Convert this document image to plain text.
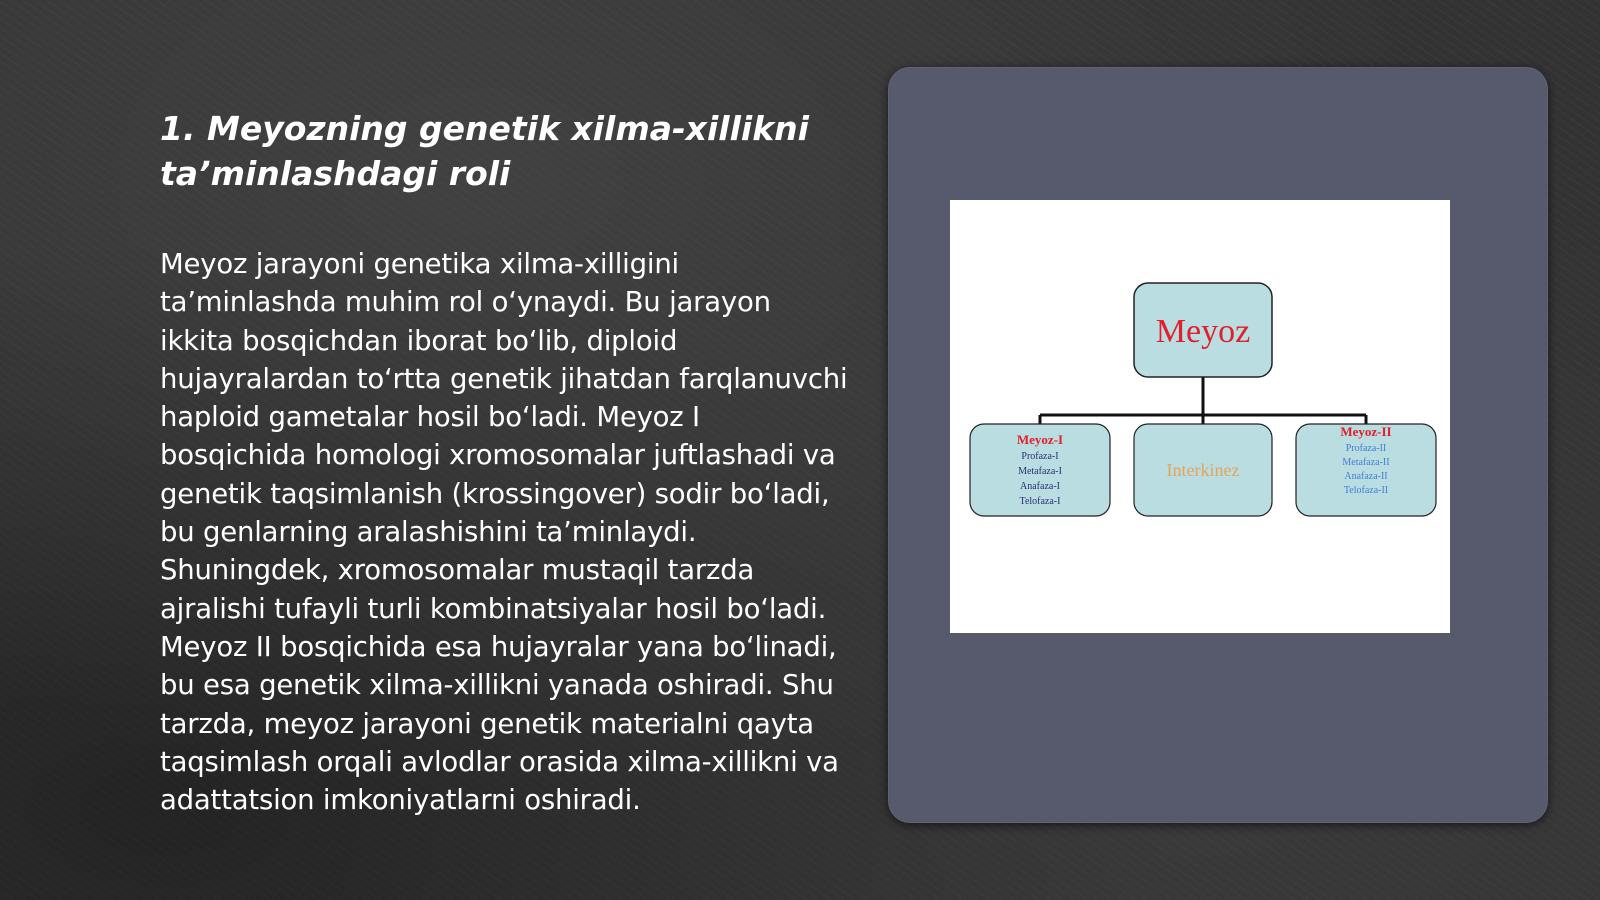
1. Meyozning genetik xilma-xillikni ta’minlashdagi roli

Meyoz jarayoni genetika xilma-xilligini ta’minlashda muhim rol o‘ynaydi. Bu jarayon ikkita bosqichdan iborat bo‘lib, diploid hujayralardan to‘rtta genetik jihatdan farqlanuvchi haploid gametalar hosil bo‘ladi. Meyoz I bosqichida homologi xromosomalar juftlashadi va genetik taqsimlanish (krossingover) sodir bo‘ladi, bu genlarning aralashishini ta’minlaydi. Shuningdek, xromosomalar mustaqil tarzda ajralishi tufayli turli kombinatsiyalar hosil bo‘ladi. Meyoz II bosqichida esa hujayralar yana bo‘linadi, bu esa genetik xilma-xillikni yanada oshiradi. Shu tarzda, meyoz jarayoni genetik materialni qayta taqsimlash orqali avlodlar orasida xilma-xillikni va adattatsion imkoniyatlarni oshiradi.

Meyoz
Meyoz-I
Profaza-I
Metafaza-I
Anafaza-I
Telofaza-I
Interkinez
Meyoz-II
Profaza-II
Metafaza-II
Anafaza-II
Telofaza-II
